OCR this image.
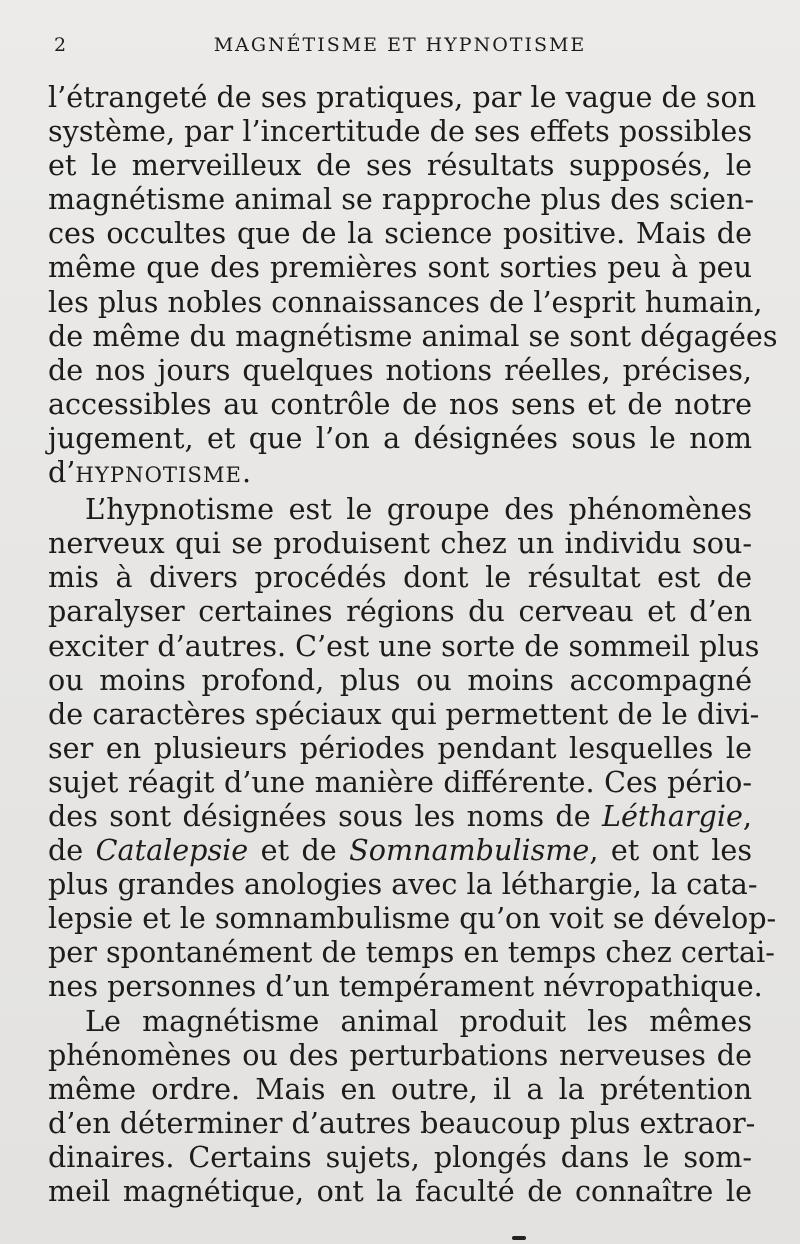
2	MAGNÉTISME ET HYPNOTISME
l’étrangeté de ses pratiques, par le vague de son
système, par l’incertitude de ses effets possibles
et le merveilleux de ses résultats supposés, le
magnétisme animal se rapproche plus des scien-
ces occultes que de la science positive. Mais de
même que des premières sont sorties peu à peu
les plus nobles connaissances de l’esprit humain,
de même du magnétisme animal se sont dégagées
de nos jours quelques notions réelles, précises,
accessibles au contrôle de nos sens et de notre
jugement, et que l’on a désignées sous le nom
d’HYPNOTISME.
L’hypnotisme est le groupe des phénomènes
nerveux qui se produisent chez un individu sou-
mis à divers procédés dont le résultat est de
paralyser certaines régions du cerveau et d’en
exciter d’autres. C’est une sorte de sommeil plus
ou moins profond, plus ou moins accompagné
de caractères spéciaux qui permettent de le divi-
ser en plusieurs périodes pendant lesquelles le
sujet réagit d’une manière différente. Ces pério-
des sont désignées sous les noms de Léthargie,
de Catalepsie et de Somnambulisme, et ont les
plus grandes anologies avec la léthargie, la cata-
lepsie et le somnambulisme qu’on voit se dévelop-
per spontanément de temps en temps chez certai-
nes personnes d’un tempérament névropathique.
Le magnétisme animal produit les mêmes
phénomènes ou des perturbations nerveuses de
même ordre. Mais en outre, il a la prétention
d’en déterminer d’autres beaucoup plus extraor-
dinaires. Certains sujets, plongés dans le som-
meil magnétique, ont la faculté de connaître le
